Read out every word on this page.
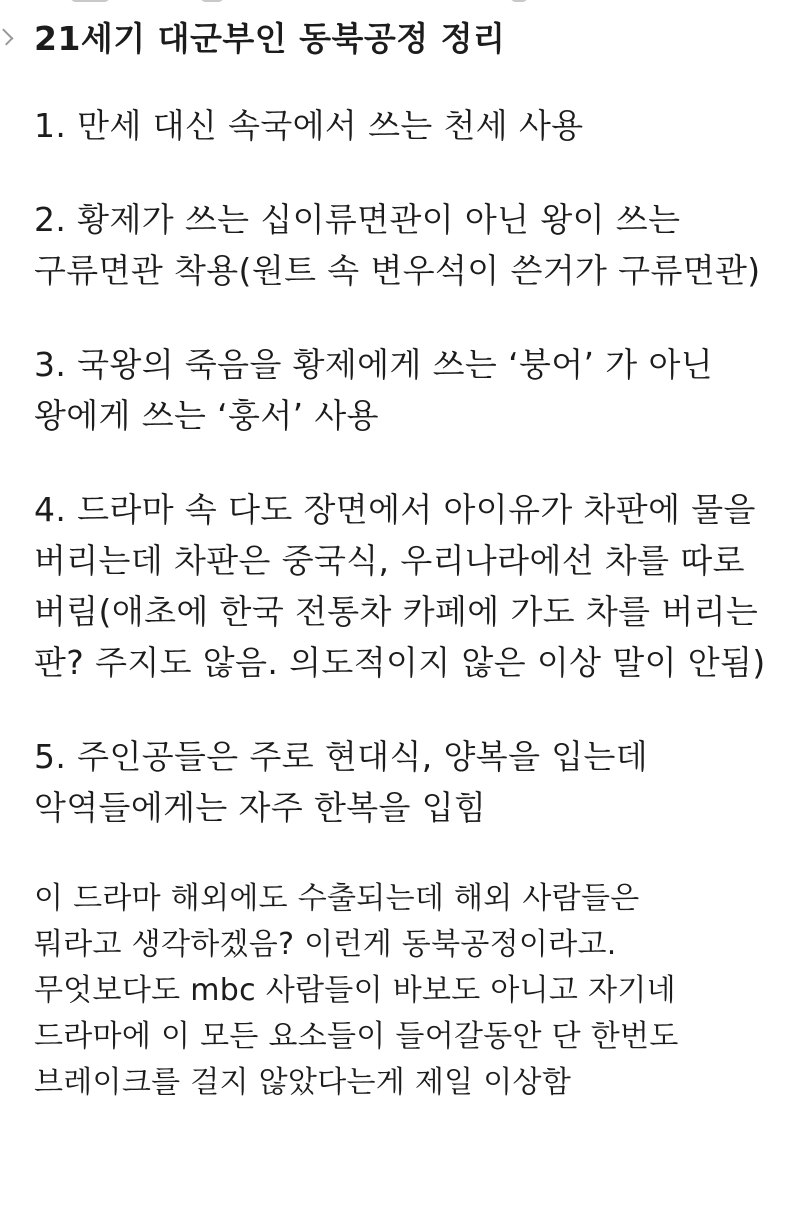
21세기 대군부인 동북공정 정리
1. 만세 대신 속국에서 쓰는 천세 사용
2. 황제가 쓰는 십이류면관이 아닌 왕이 쓰는
구류면관 착용(원트 속 변우석이 쓴거가 구류면관)
3. 국왕의 죽음을 황제에게 쓰는 ‘붕어’ 가 아닌
왕에게 쓰는 ‘훙서’ 사용
4. 드라마 속 다도 장면에서 아이유가 차판에 물을
버리는데 차판은 중국식, 우리나라에선 차를 따로
버림(애초에 한국 전통차 카페에 가도 차를 버리는
판? 주지도 않음. 의도적이지 않은 이상 말이 안됨)
5. 주인공들은 주로 현대식, 양복을 입는데
악역들에게는 자주 한복을 입힘
이 드라마 해외에도 수출되는데 해외 사람들은
뭐라고 생각하겠음? 이런게 동북공정이라고.
무엇보다도 mbc 사람들이 바보도 아니고 자기네
드라마에 이 모든 요소들이 들어갈동안 단 한번도
브레이크를 걸지 않았다는게 제일 이상함
